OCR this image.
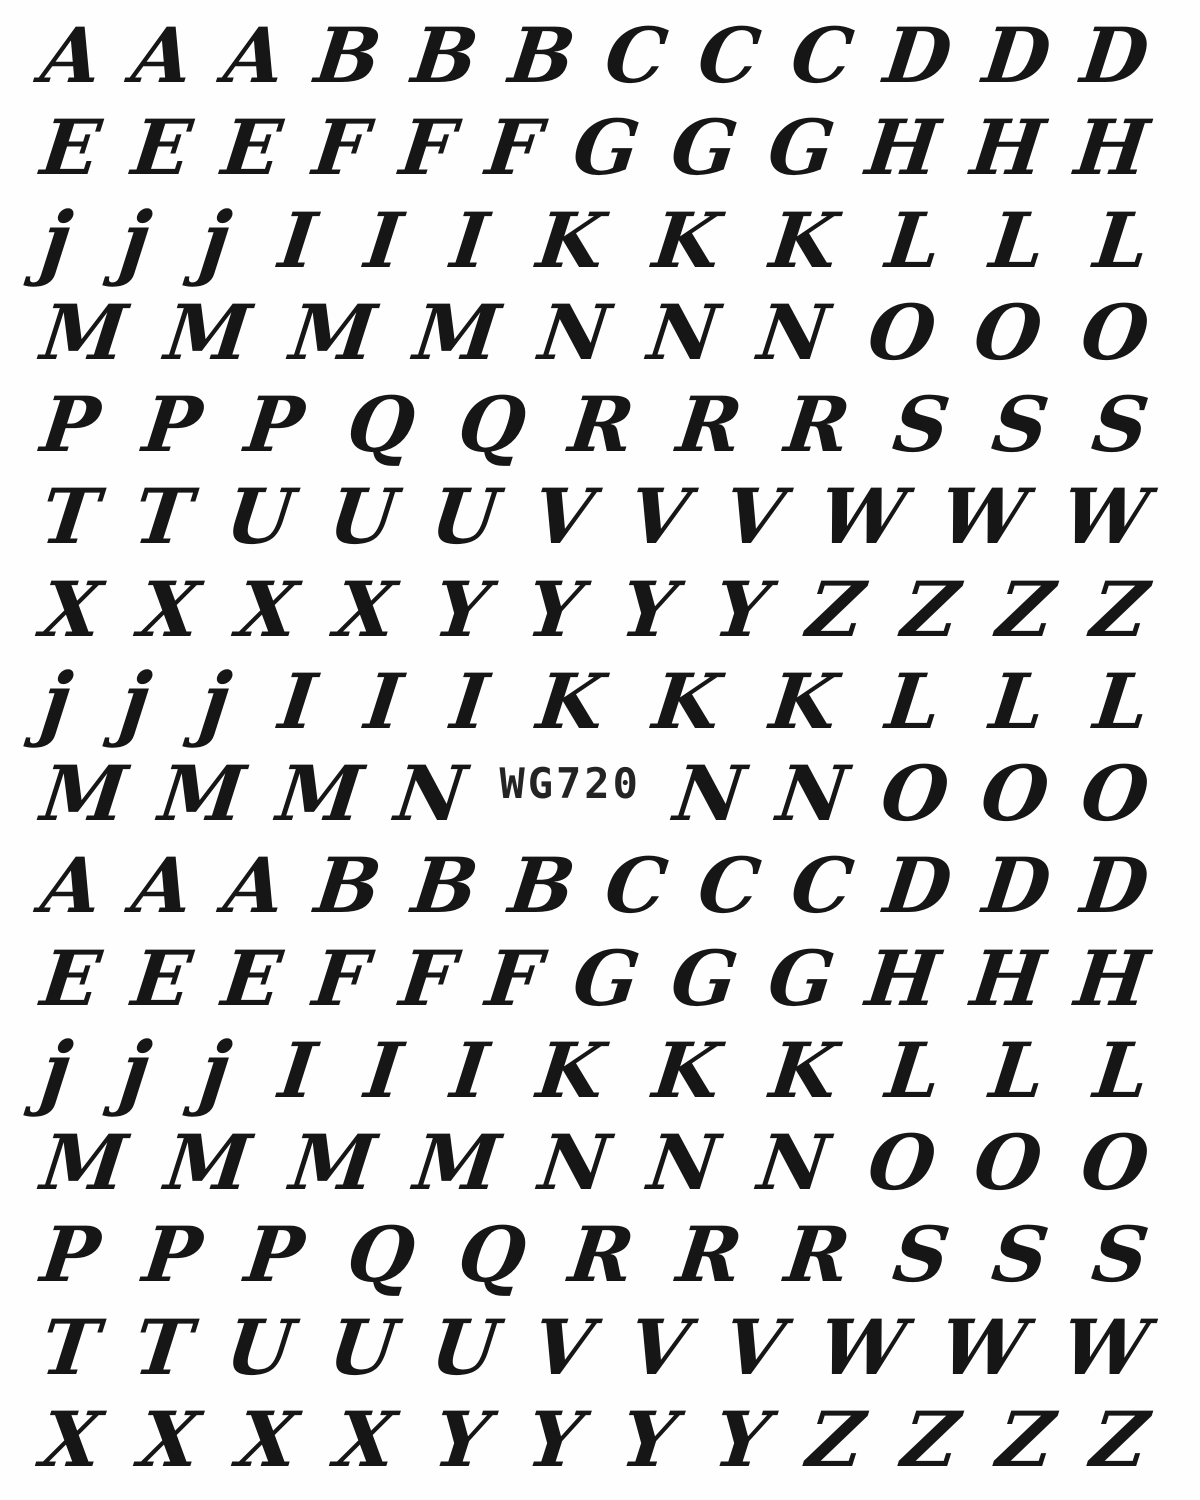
A A A B B B C C C D D D
E E E F F F G G G H H H
j j j I I I K K K L L L
M M M M N N N O O O
P P P Q Q R R R S S S
T T U U U V V V W W W
X X X X Y Y Y Y Z Z Z Z
j j j I I I K K K L L L
M M M N WG720 N N O O O
A A A B B B C C C D D D
E E E F F F G G G H H H
j j j I I I K K K L L L
M M M M N N N O O O
P P P Q Q R R R S S S
T T U U U V V V W W W
X X X X Y Y Y Y Z Z Z Z
